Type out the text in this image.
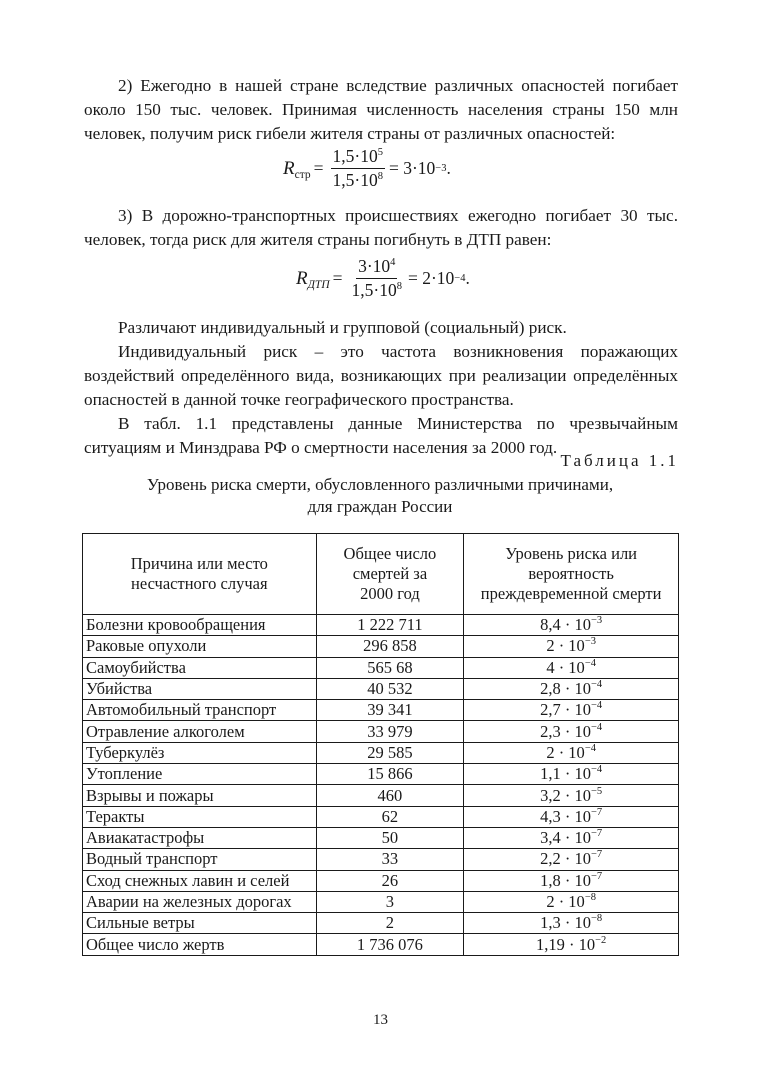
2) Ежегодно в нашей стране вследствие различных опасностей погибает около 150 тыс. человек. Принимая численность населения страны 150 млн человек, получим риск гибели жителя страны от различных опасностей:

R стр = $\frac{1,5\cdot 10^5}{1,5\cdot 10^8} = 3\cdot 10 -3$ .

3) В дорожно-транспортных происшествиях ежегодно погибает 30 тыс. человек, тогда риск для жителя страны погибнуть в ДТП равен:

R ДТП = $\frac{3\cdot 10^4}{1,5\cdot 10^8} = 2\cdot 10 -4$ .

Различают индивидуальный и групповой (социальный) риск.

Индивидуальный риск – это частота возникновения поражающих воздействий определённого вида, возникающих при реализации определённых опасностей в данной точке географического пространства.

В табл. 1.1 представлены данные Министерства по чрезвычайным ситуациям и Минздрава РФ о смертности населения за 2000 год.

Таблица 1.1
Уровень риска смерти, обусловленного различными причинами,
для граждан России
Причина или место несчастного случая	Общее число смертей за 2000 год	Уровень риска или вероятность преждевременной смерти
Болезни кровообращения	1 222 711	$8,4 \cdot 10^{-3}$
Раковые опухоли	296 858	$2 \cdot 10^{-3}$
Самоубийства	565 68	$4 \cdot 10^{-4}$
Убийства	40 532	$2,8 \cdot 10^{-4}$
Автомобильный транспорт	39 341	$2,7 \cdot 10^{-4}$
Отравление алкоголем	33 979	$2,3 \cdot 10^{-4}$
Туберкулёз	29 585	$2 \cdot 10^{-4}$
Утопление	15 866	$1,1 \cdot 10^{-4}$
Взрывы и пожары	460	$3,2 \cdot 10^{-5}$
Теракты	62	$4,3 \cdot 10^{-7}$
Авиакатастрофы	50	$3,4 \cdot 10^{-7}$
Водный транспорт	33	$2,2 \cdot 10^{-7}$
Сход снежных лавин и селей	26	$1,8 \cdot 10^{-7}$
Аварии на железных дорогах	3	$2 \cdot 10^{-8}$
Сильные ветры	2	$1,3 \cdot 10^{-8}$
Общее число жертв	1 736 076	$1,19 \cdot 10^{-2}$
13
